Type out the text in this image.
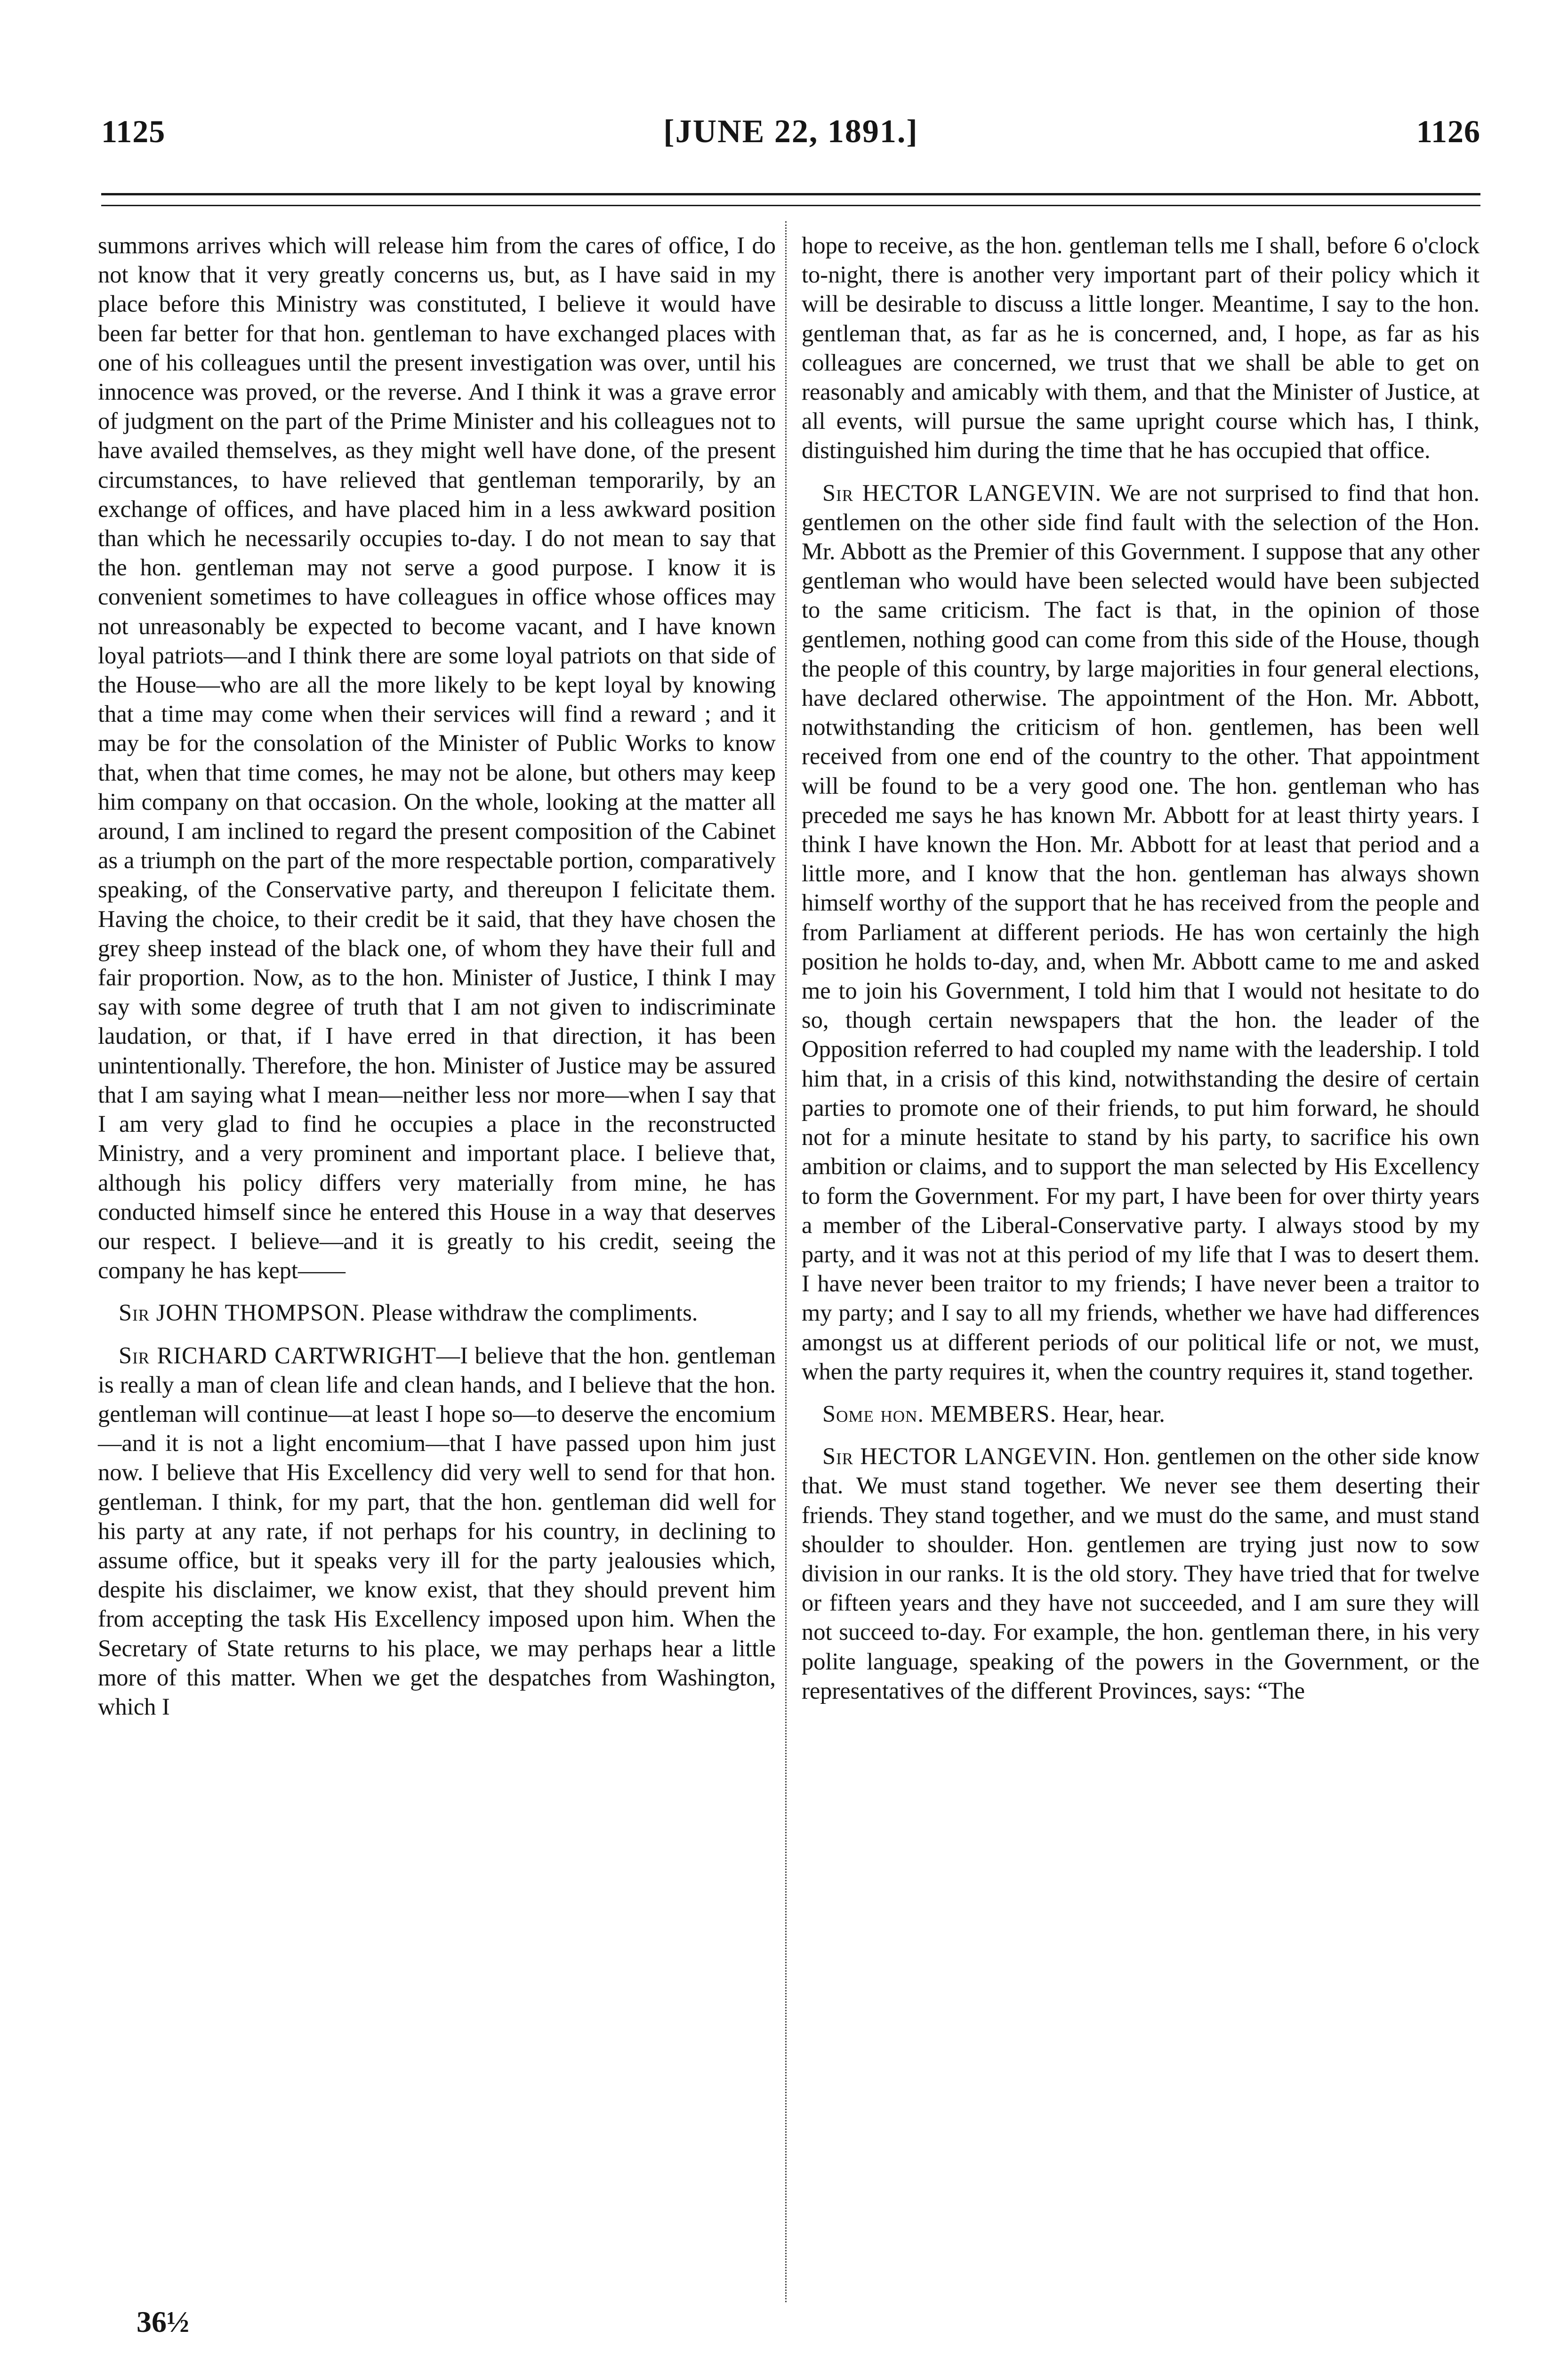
1125	[JUNE 22, 1891.]	1126

summons arrives which will release him from the cares of office, I do not know that it very greatly concerns us, but, as I have said in my place before this Ministry was constituted, I believe it would have been far better for that hon. gentleman to have exchanged places with one of his colleagues until the present investigation was over, until his innocence was proved, or the reverse. And I think it was a grave error of judgment on the part of the Prime Minister and his colleagues not to have availed themselves, as they might well have done, of the present circumstances, to have relieved that gentleman temporarily, by an exchange of offices, and have placed him in a less awkward position than which he necessarily occupies to-day. I do not mean to say that the hon. gentleman may not serve a good purpose. I know it is convenient sometimes to have colleagues in office whose offices may not unreasonably be expected to become vacant, and I have known loyal patriots—and I think there are some loyal patriots on that side of the House—who are all the more likely to be kept loyal by knowing that a time may come when their services will find a reward ; and it may be for the consolation of the Minister of Public Works to know that, when that time comes, he may not be alone, but others may keep him company on that occasion. On the whole, looking at the matter all around, I am inclined to regard the present composition of the Cabinet as a triumph on the part of the more respectable portion, comparatively speaking, of the Conservative party, and thereupon I felicitate them. Having the choice, to their credit be it said, that they have chosen the grey sheep instead of the black one, of whom they have their full and fair proportion. Now, as to the hon. Minister of Justice, I think I may say with some degree of truth that I am not given to indiscriminate laudation, or that, if I have erred in that direction, it has been unintentionally. Therefore, the hon. Minister of Justice may be assured that I am saying what I mean—neither less nor more—when I say that I am very glad to find he occupies a place in the reconstructed Ministry, and a very prominent and important place. I believe that, although his policy differs very materially from mine, he has conducted himself since he entered this House in a way that deserves our respect. I believe—and it is greatly to his credit, seeing the company he has kept——

Sir JOHN THOMPSON. Please withdraw the compliments.

Sir RICHARD CARTWRIGHT—I believe that the hon. gentleman is really a man of clean life and clean hands, and I believe that the hon. gentleman will continue—at least I hope so—to deserve the encomium—and it is not a light encomium—that I have passed upon him just now. I believe that His Excellency did very well to send for that hon. gentleman. I think, for my part, that the hon. gentleman did well for his party at any rate, if not perhaps for his country, in declining to assume office, but it speaks very ill for the party jealousies which, despite his disclaimer, we know exist, that they should prevent him from accepting the task His Excellency imposed upon him. When the Secretary of State returns to his place, we may perhaps hear a little more of this matter. When we get the despatches from Washington, which I

hope to receive, as the hon. gentleman tells me I shall, before 6 o'clock to-night, there is another very important part of their policy which it will be desirable to discuss a little longer. Meantime, I say to the hon. gentleman that, as far as he is concerned, and, I hope, as far as his colleagues are concerned, we trust that we shall be able to get on reasonably and amicably with them, and that the Minister of Justice, at all events, will pursue the same upright course which has, I think, distinguished him during the time that he has occupied that office.

Sir HECTOR LANGEVIN. We are not surprised to find that hon. gentlemen on the other side find fault with the selection of the Hon. Mr. Abbott as the Premier of this Government. I suppose that any other gentleman who would have been selected would have been subjected to the same criticism. The fact is that, in the opinion of those gentlemen, nothing good can come from this side of the House, though the people of this country, by large majorities in four general elections, have declared otherwise. The appointment of the Hon. Mr. Abbott, notwithstanding the criticism of hon. gentlemen, has been well received from one end of the country to the other. That appointment will be found to be a very good one. The hon. gentleman who has preceded me says he has known Mr. Abbott for at least thirty years. I think I have known the Hon. Mr. Abbott for at least that period and a little more, and I know that the hon. gentleman has always shown himself worthy of the support that he has received from the people and from Parliament at different periods. He has won certainly the high position he holds to-day, and, when Mr. Abbott came to me and asked me to join his Government, I told him that I would not hesitate to do so, though certain newspapers that the hon. the leader of the Opposition referred to had coupled my name with the leadership. I told him that, in a crisis of this kind, notwithstanding the desire of certain parties to promote one of their friends, to put him forward, he should not for a minute hesitate to stand by his party, to sacrifice his own ambition or claims, and to support the man selected by His Excellency to form the Government. For my part, I have been for over thirty years a member of the Liberal-Conservative party. I always stood by my party, and it was not at this period of my life that I was to desert them. I have never been traitor to my friends; I have never been a traitor to my party; and I say to all my friends, whether we have had differences amongst us at different periods of our political life or not, we must, when the party requires it, when the country requires it, stand together.

Some hon. MEMBERS. Hear, hear.

Sir HECTOR LANGEVIN. Hon. gentlemen on the other side know that. We must stand together. We never see them deserting their friends. They stand together, and we must do the same, and must stand shoulder to shoulder. Hon. gentlemen are trying just now to sow division in our ranks. It is the old story. They have tried that for twelve or fifteen years and they have not succeeded, and I am sure they will not succeed to-day. For example, the hon. gentleman there, in his very polite language, speaking of the powers in the Government, or the representatives of the different Provinces, says: “The

36½
